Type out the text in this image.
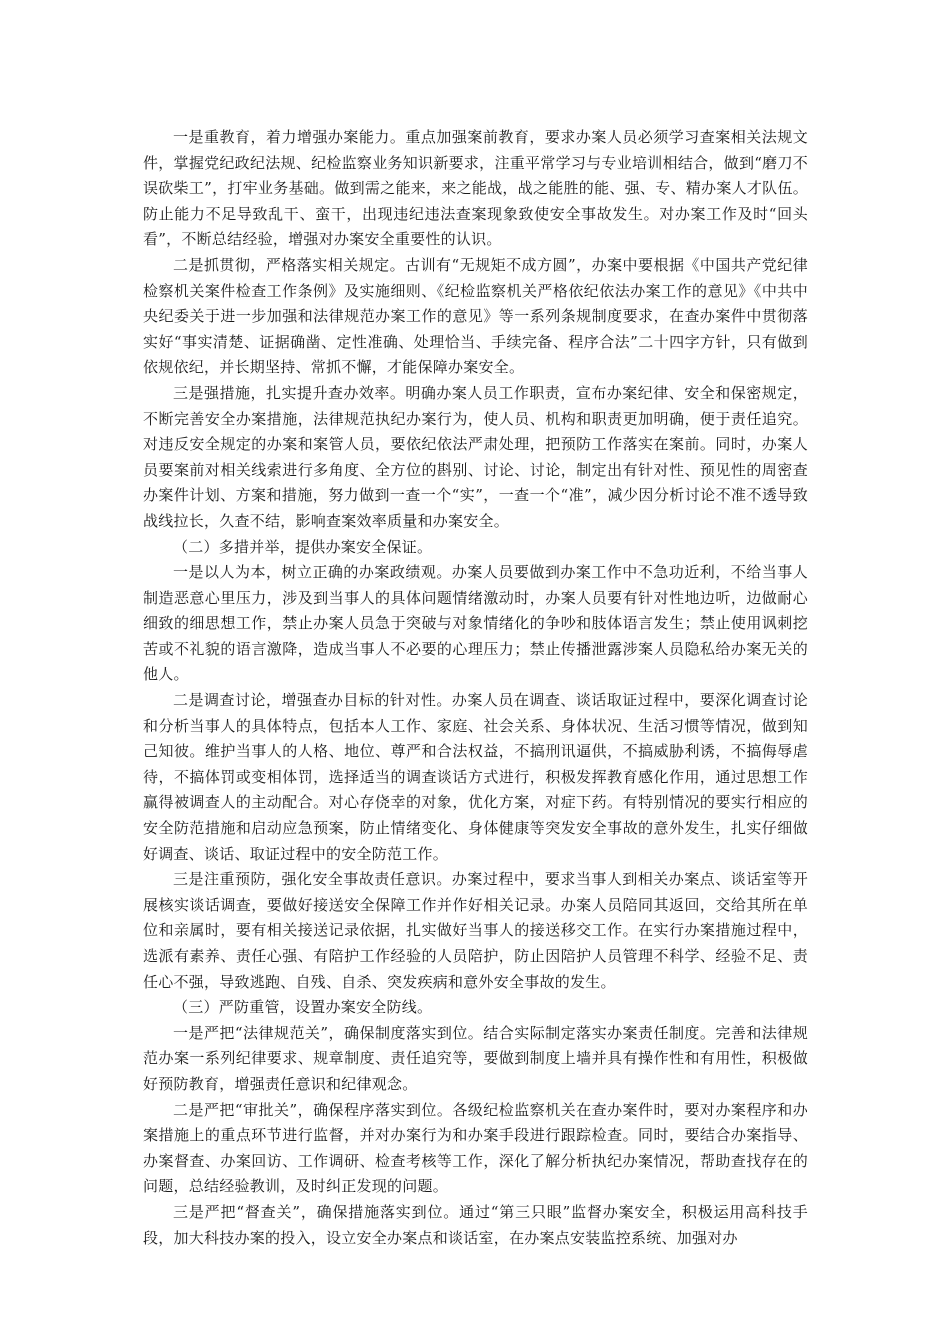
一是重教育，着力增强办案能力。重点加强案前教育，要求办案人员必须学习查案相关法规文件，掌握党纪政纪法规、纪检监察业务知识新要求，注重平常学习与专业培训相结合，做到“磨刀不误砍柴工”，打牢业务基础。做到需之能来，来之能战，战之能胜的能、强、专、精办案人才队伍。防止能力不足导致乱干、蛮干，出现违纪违法查案现象致使安全事故发生。对办案工作及时“回头看”，不断总结经验，增强对办案安全重要性的认识。

二是抓贯彻，严格落实相关规定。古训有“无规矩不成方圆”，办案中要根据《中国共产党纪律检察机关案件检查工作条例》及实施细则、《纪检监察机关严格依纪依法办案工作的意见》《中共中央纪委关于进一步加强和法律规范办案工作的意见》等一系列条规制度要求，在查办案件中贯彻落实好“事实清楚、证据确凿、定性准确、处理恰当、手续完备、程序合法”二十四字方针，只有做到依规依纪，并长期坚持、常抓不懈，才能保障办案安全。

三是强措施，扎实提升查办效率。明确办案人员工作职责，宣布办案纪律、安全和保密规定，不断完善安全办案措施，法律规范执纪办案行为，使人员、机构和职责更加明确，便于责任追究。对违反安全规定的办案和案管人员，要依纪依法严肃处理，把预防工作落实在案前。同时，办案人员要案前对相关线索进行多角度、全方位的斟别、讨论、讨论，制定出有针对性、预见性的周密查办案件计划、方案和措施，努力做到一查一个“实”，一查一个“准”，减少因分析讨论不准不透导致战线拉长，久查不结，影响查案效率质量和办案安全。

（二）多措并举，提供办案安全保证。

一是以人为本，树立正确的办案政绩观。办案人员要做到办案工作中不急功近利，不给当事人制造恶意心里压力，涉及到当事人的具体问题情绪激动时，办案人员要有针对性地边听，边做耐心细致的细思想工作，禁止办案人员急于突破与对象情绪化的争吵和肢体语言发生；禁止使用讽刺挖苦或不礼貌的语言激降，造成当事人不必要的心理压力；禁止传播泄露涉案人员隐私给办案无关的他人。

二是调查讨论，增强查办目标的针对性。办案人员在调查、谈话取证过程中，要深化调查讨论和分析当事人的具体特点，包括本人工作、家庭、社会关系、身体状况、生活习惯等情况，做到知己知彼。维护当事人的人格、地位、尊严和合法权益，不搞刑讯逼供，不搞威胁利诱，不搞侮辱虐待，不搞体罚或变相体罚，选择适当的调查谈话方式进行，积极发挥教育感化作用，通过思想工作赢得被调查人的主动配合。对心存侥幸的对象，优化方案，对症下药。有特别情况的要实行相应的安全防范措施和启动应急预案，防止情绪变化、身体健康等突发安全事故的意外发生，扎实仔细做好调查、谈话、取证过程中的安全防范工作。

三是注重预防，强化安全事故责任意识。办案过程中，要求当事人到相关办案点、谈话室等开展核实谈话调查，要做好接送安全保障工作并作好相关记录。办案人员陪同其返回，交给其所在单位和亲属时，要有相关接送记录依据，扎实做好当事人的接送移交工作。在实行办案措施过程中，选派有素养、责任心强、有陪护工作经验的人员陪护，防止因陪护人员管理不科学、经验不足、责任心不强，导致逃跑、自残、自杀、突发疾病和意外安全事故的发生。

（三）严防重管，设置办案安全防线。

一是严把“法律规范关”，确保制度落实到位。结合实际制定落实办案责任制度。完善和法律规范办案一系列纪律要求、规章制度、责任追究等，要做到制度上墙并具有操作性和有用性，积极做好预防教育，增强责任意识和纪律观念。

二是严把“审批关”，确保程序落实到位。各级纪检监察机关在查办案件时，要对办案程序和办案措施上的重点环节进行监督，并对办案行为和办案手段进行跟踪检查。同时，要结合办案指导、办案督查、办案回访、工作调研、检查考核等工作，深化了解分析执纪办案情况，帮助查找存在的问题，总结经验教训，及时纠正发现的问题。

三是严把“督查关”，确保措施落实到位。通过“第三只眼”监督办案安全，积极运用高科技手段，加大科技办案的投入，设立安全办案点和谈话室，在办案点安装监控系统、加强对办
